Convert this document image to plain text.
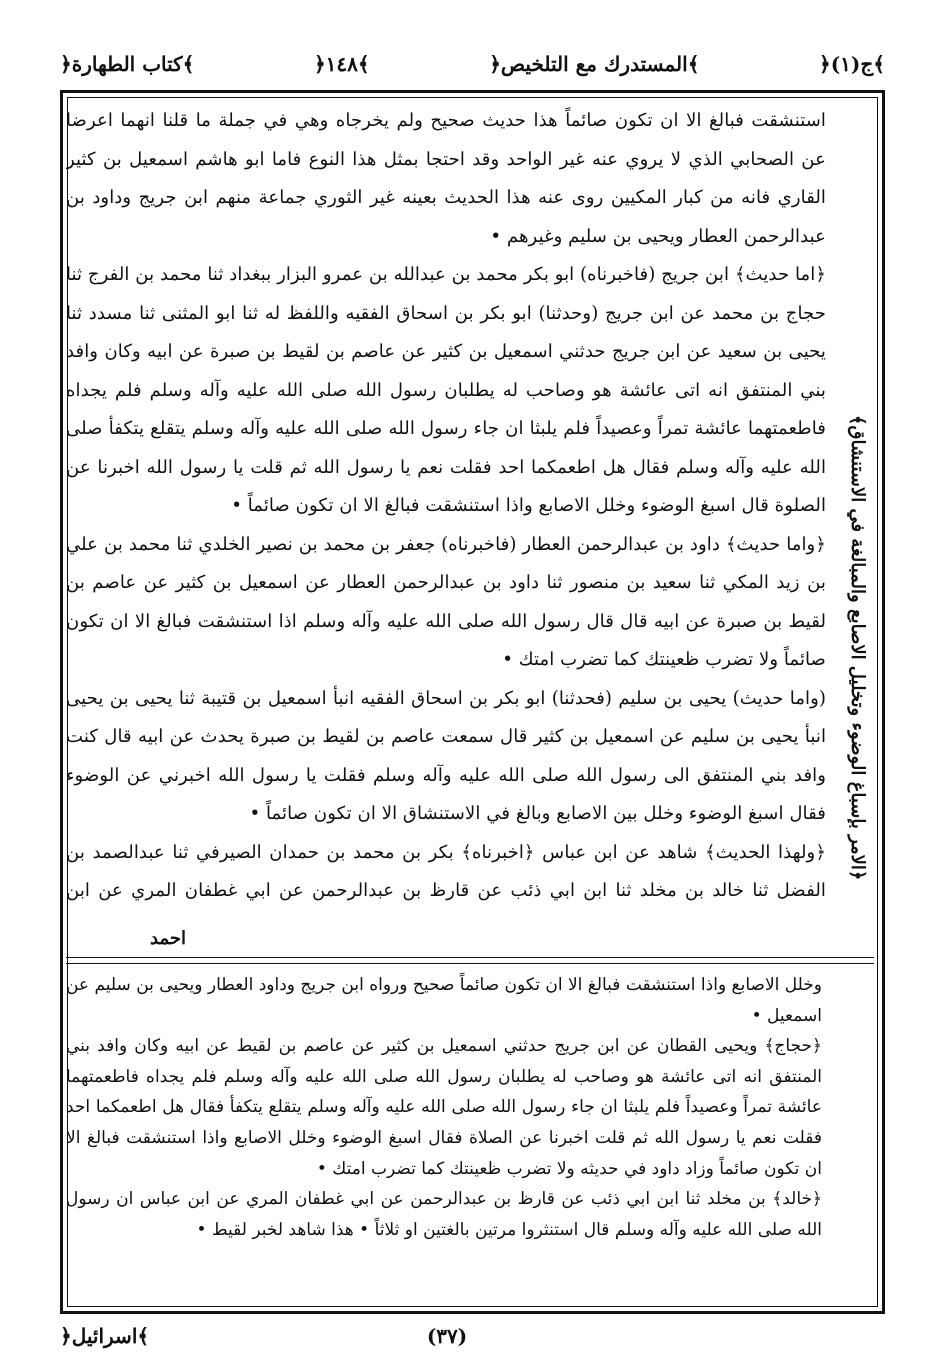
﴿ج(١)﴾
﴿المستدرك مع التلخيص﴾
﴿١٤٨﴾
﴿كتاب الطهارة﴾

استنشقت فبالغ الا ان تكون صائماً هذا حديث صحيح ولم يخرجاه وهي في جملة ما قلنا انهما اعرضا عن الصحابي الذي لا يروي عنه غير الواحد وقد احتجا بمثل هذا النوع فاما ابو هاشم اسمعيل بن كثير القاري فانه من كبار المكيين روى عنه هذا الحديث بعينه غير الثوري جماعة منهم ابن جريج وداود بن عبدالرحمن العطار ويحيى بن سليم وغيرهم •

﴿اما حديث﴾ ابن جريج (فاخبرناه) ابو بكر محمد بن عبدالله بن عمرو البزار ببغداد ثنا محمد بن الفرج ثنا حجاج بن محمد عن ابن جريج (وحدثنا) ابو بكر بن اسحاق الفقيه واللفظ له ثنا ابو المثنى ثنا مسدد ثنا يحيى بن سعيد عن ابن جريج حدثني اسمعيل بن كثير عن عاصم بن لقيط بن صبرة عن ابيه وكان وافد بني المنتفق انه اتى عائشة هو وصاحب له يطلبان رسول الله صلى الله عليه وآله وسلم فلم يجداه فاطعمتهما عائشة تمراً وعصيداً فلم يلبثا ان جاء رسول الله صلى الله عليه وآله وسلم يتقلع يتكفأ صلى الله عليه وآله وسلم فقال هل اطعمكما احد فقلت نعم يا رسول الله ثم قلت يا رسول الله اخبرنا عن الصلوة قال اسبغ الوضوء وخلل الاصابع واذا استنشقت فبالغ الا ان تكون صائماً •

﴿واما حديث﴾ داود بن عبدالرحمن العطار (فاخبرناه) جعفر بن محمد بن نصير الخلدي ثنا محمد بن علي بن زيد المكي ثنا سعيد بن منصور ثنا داود بن عبدالرحمن العطار عن اسمعيل بن كثير عن عاصم بن لقيط بن صبرة عن ابيه قال قال رسول الله صلى الله عليه وآله وسلم اذا استنشقت فبالغ الا ان تكون صائماً ولا تضرب ظعينتك كما تضرب امتك •

(واما حديث) يحيى بن سليم (فحدثنا) ابو بكر بن اسحاق الفقيه انبأ اسمعيل بن قتيبة ثنا يحيى بن يحيى انبأ يحيى بن سليم عن اسمعيل بن كثير قال سمعت عاصم بن لقيط بن صبرة يحدث عن ابيه قال كنت وافد بني المنتفق الى رسول الله صلى الله عليه وآله وسلم فقلت يا رسول الله اخبرني عن الوضوء فقال اسبغ الوضوء وخلل بين الاصابع وبالغ في الاستنشاق الا ان تكون صائماً •

﴿ولهذا الحديث﴾ شاهد عن ابن عباس ﴿اخبرناه﴾ بكر بن محمد بن حمدان الصيرفي ثنا عبدالصمد بن الفضل ثنا خالد بن مخلد ثنا ابن ابي ذئب عن قارظ بن عبدالرحمن عن ابي غطفان المري عن ابن

﴿الامر بإسباغ الوضوء وتخليل الاصابع والمبالغة في الاستنشاق﴾
احمد

وخلل الاصابع واذا استنشقت فبالغ الا ان تكون صائماً صحيح ورواه ابن جريج وداود العطار ويحيى بن سليم عن اسمعيل •

﴿حجاج﴾ ويحيى القطان عن ابن جريج حدثني اسمعيل بن كثير عن عاصم بن لقيط عن ابيه وكان وافد بني المنتفق انه اتى عائشة هو وصاحب له يطلبان رسول الله صلى الله عليه وآله وسلم فلم يجداه فاطعمتهما عائشة تمراً وعصيداً فلم يلبثا ان جاء رسول الله صلى الله عليه وآله وسلم يتقلع يتكفأ فقال هل اطعمكما احد فقلت نعم يا رسول الله ثم قلت اخبرنا عن الصلاة فقال اسبغ الوضوء وخلل الاصابع واذا استنشقت فبالغ الا ان تكون صائماً وزاد داود في حديثه ولا تضرب ظعينتك كما تضرب امتك •

﴿خالد﴾ بن مخلد ثنا ابن ابي ذئب عن قارظ بن عبدالرحمن عن ابي غطفان المري عن ابن عباس ان رسول الله صلى الله عليه وآله وسلم قال استنثروا مرتين بالغتين او ثلاثاً • هذا شاهد لخبر لقيط •

(٣٧)
﴿اسرائيل﴾
